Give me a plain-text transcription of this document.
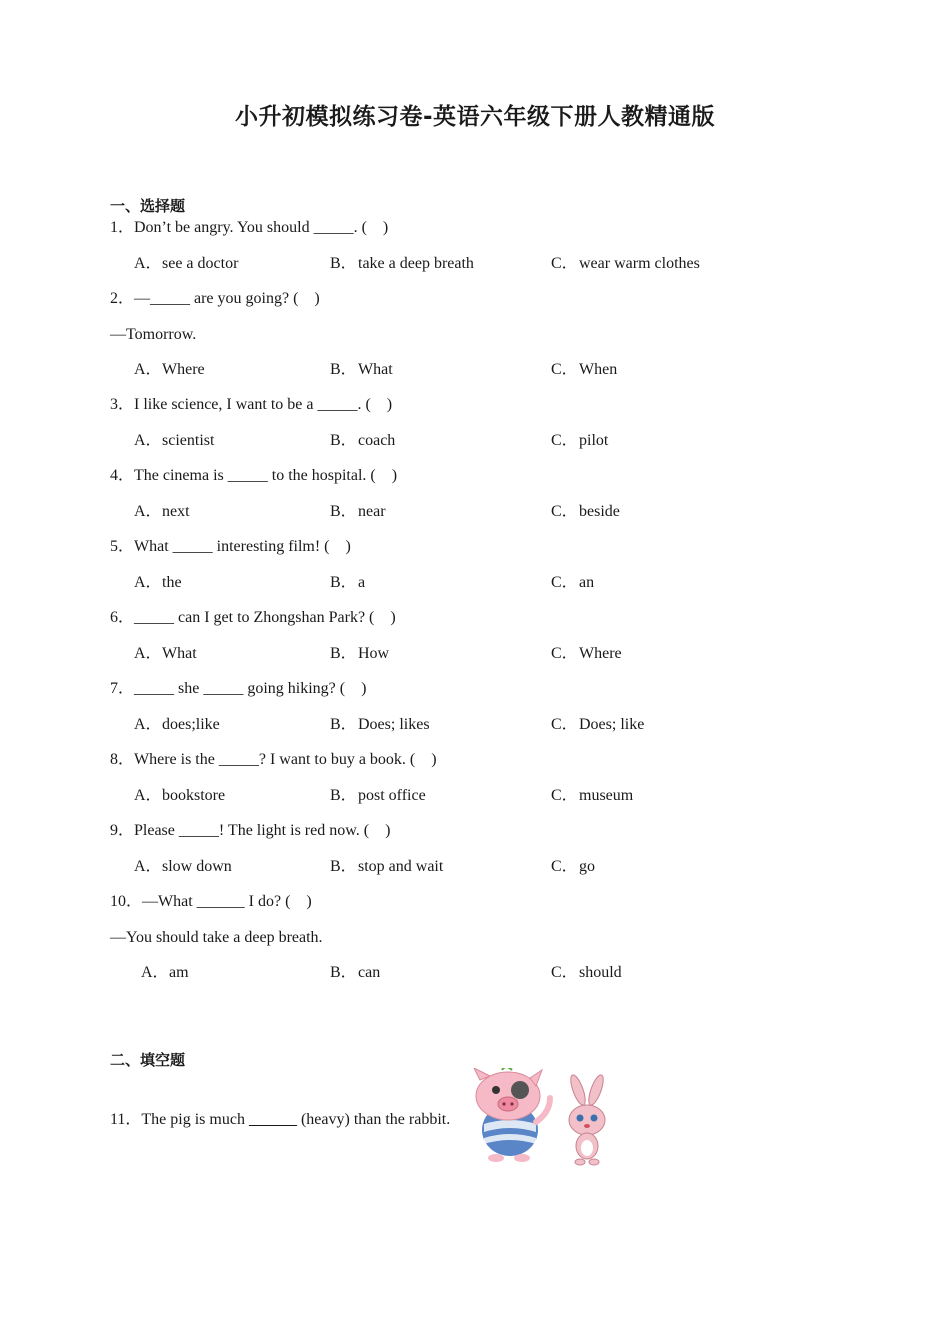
小升初模拟练习卷-英语六年级下册人教精通版
一、选择题
1．Don’t be angry. You should _____. (    )
A．see a doctor	B．take a deep breath	C．wear warm clothes
2．—_____ are you going? (    )
—Tomorrow.
A．Where	B．What	C．When
3．I like science, I want to be a _____. (    )
A．scientist	B．coach	C．pilot
4．The cinema is _____ to the hospital. (    )
A．next	B．near	C．beside
5．What _____ interesting film! (    )
A．the	B．a	C．an
6．_____ can I get to Zhongshan Park? (    )
A．What	B．How	C．Where
7．_____ she _____ going hiking? (    )
A．does;like	B．Does; likes	C．Does; like
8．Where is the _____? I want to buy a book. (    )
A．bookstore	B．post office	C．museum
9．Please _____! The light is red now. (    )
A．slow down	B．stop and wait	C．go
10．—What ______ I do? (    )
—You should take a deep breath.
A．am	B．can	C．should
二、填空题
11．The pig is much ______ (heavy) than the rabbit.
